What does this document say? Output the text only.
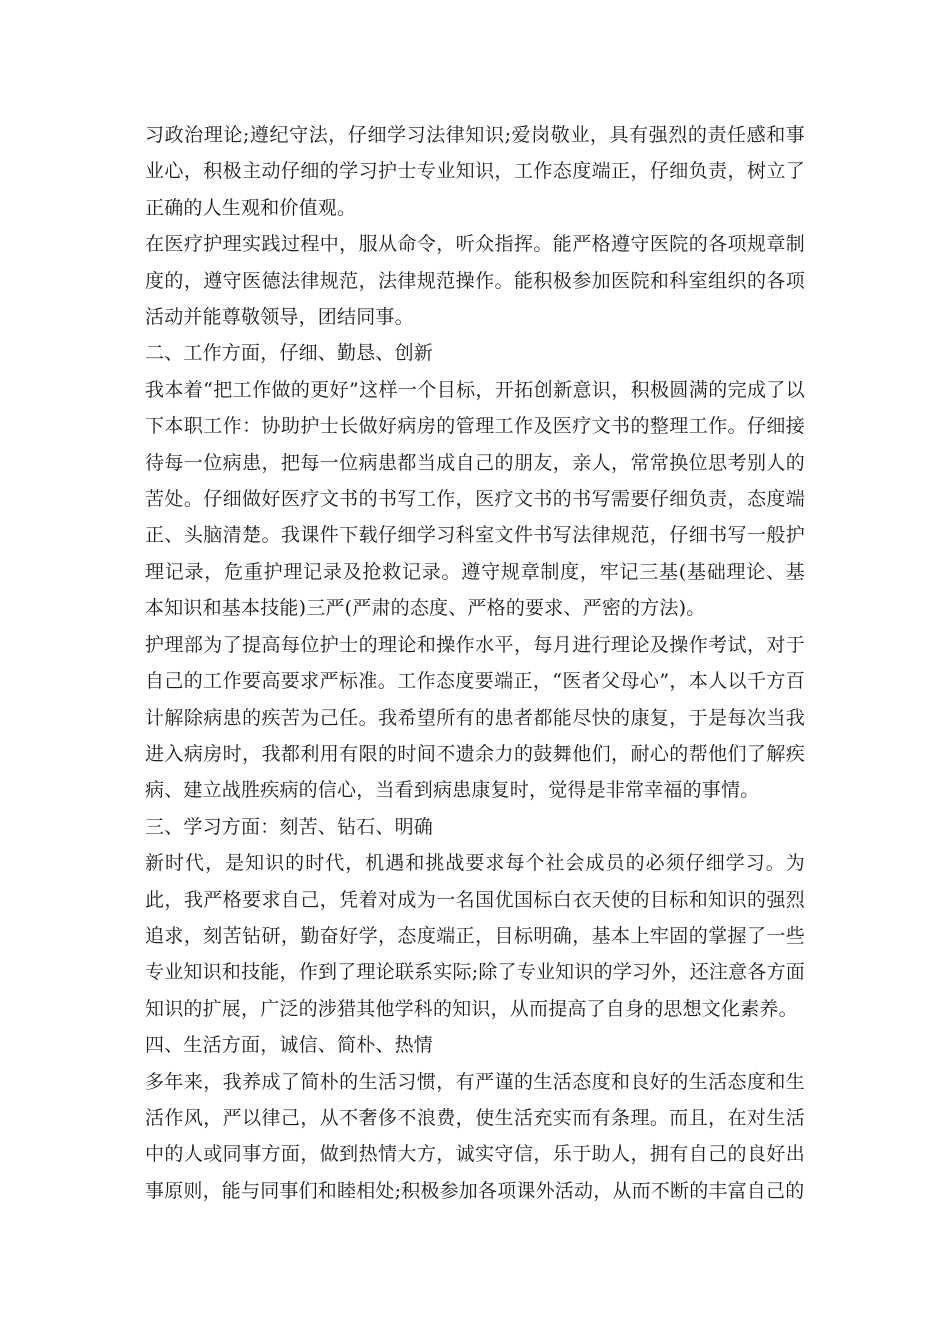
习政治理论;遵纪守法，仔细学习法律知识;爱岗敬业，具有强烈的责任感和事业心，积极主动仔细的学习护士专业知识，工作态度端正，仔细负责，树立了正确的人生观和价值观。

在医疗护理实践过程中，服从命令，听众指挥。能严格遵守医院的各项规章制度的，遵守医德法律规范，法律规范操作。能积极参加医院和科室组织的各项活动并能尊敬领导，团结同事。

二、工作方面，仔细、勤恳、创新

我本着“把工作做的更好”这样一个目标，开拓创新意识，积极圆满的完成了以下本职工作：协助护士长做好病房的管理工作及医疗文书的整理工作。仔细接待每一位病患，把每一位病患都当成自己的朋友，亲人，常常换位思考别人的苦处。仔细做好医疗文书的书写工作，医疗文书的书写需要仔细负责，态度端正、头脑清楚。我课件下载仔细学习科室文件书写法律规范，仔细书写一般护理记录，危重护理记录及抢救记录。遵守规章制度，牢记三基(基础理论、基本知识和基本技能)三严(严肃的态度、严格的要求、严密的方法)。

护理部为了提高每位护士的理论和操作水平，每月进行理论及操作考试，对于自己的工作要高要求严标准。工作态度要端正，“医者父母心”，本人以千方百计解除病患的疾苦为己任。我希望所有的患者都能尽快的康复，于是每次当我进入病房时，我都利用有限的时间不遗余力的鼓舞他们，耐心的帮他们了解疾病、建立战胜疾病的信心，当看到病患康复时，觉得是非常幸福的事情。

三、学习方面：刻苦、钻石、明确

新时代，是知识的时代，机遇和挑战要求每个社会成员的必须仔细学习。为此，我严格要求自己，凭着对成为一名国优国标白衣天使的目标和知识的强烈追求，刻苦钻研，勤奋好学，态度端正，目标明确，基本上牢固的掌握了一些专业知识和技能，作到了理论联系实际;除了专业知识的学习外，还注意各方面知识的扩展，广泛的涉猎其他学科的知识，从而提高了自身的思想文化素养。

四、生活方面，诚信、简朴、热情

多年来，我养成了简朴的生活习惯，有严谨的生活态度和良好的生活态度和生活作风，严以律己，从不奢侈不浪费，使生活充实而有条理。而且，在对生活中的人或同事方面，做到热情大方，诚实守信，乐于助人，拥有自己的良好出事原则，能与同事们和睦相处;积极参加各项课外活动，从而不断的丰富自己的
